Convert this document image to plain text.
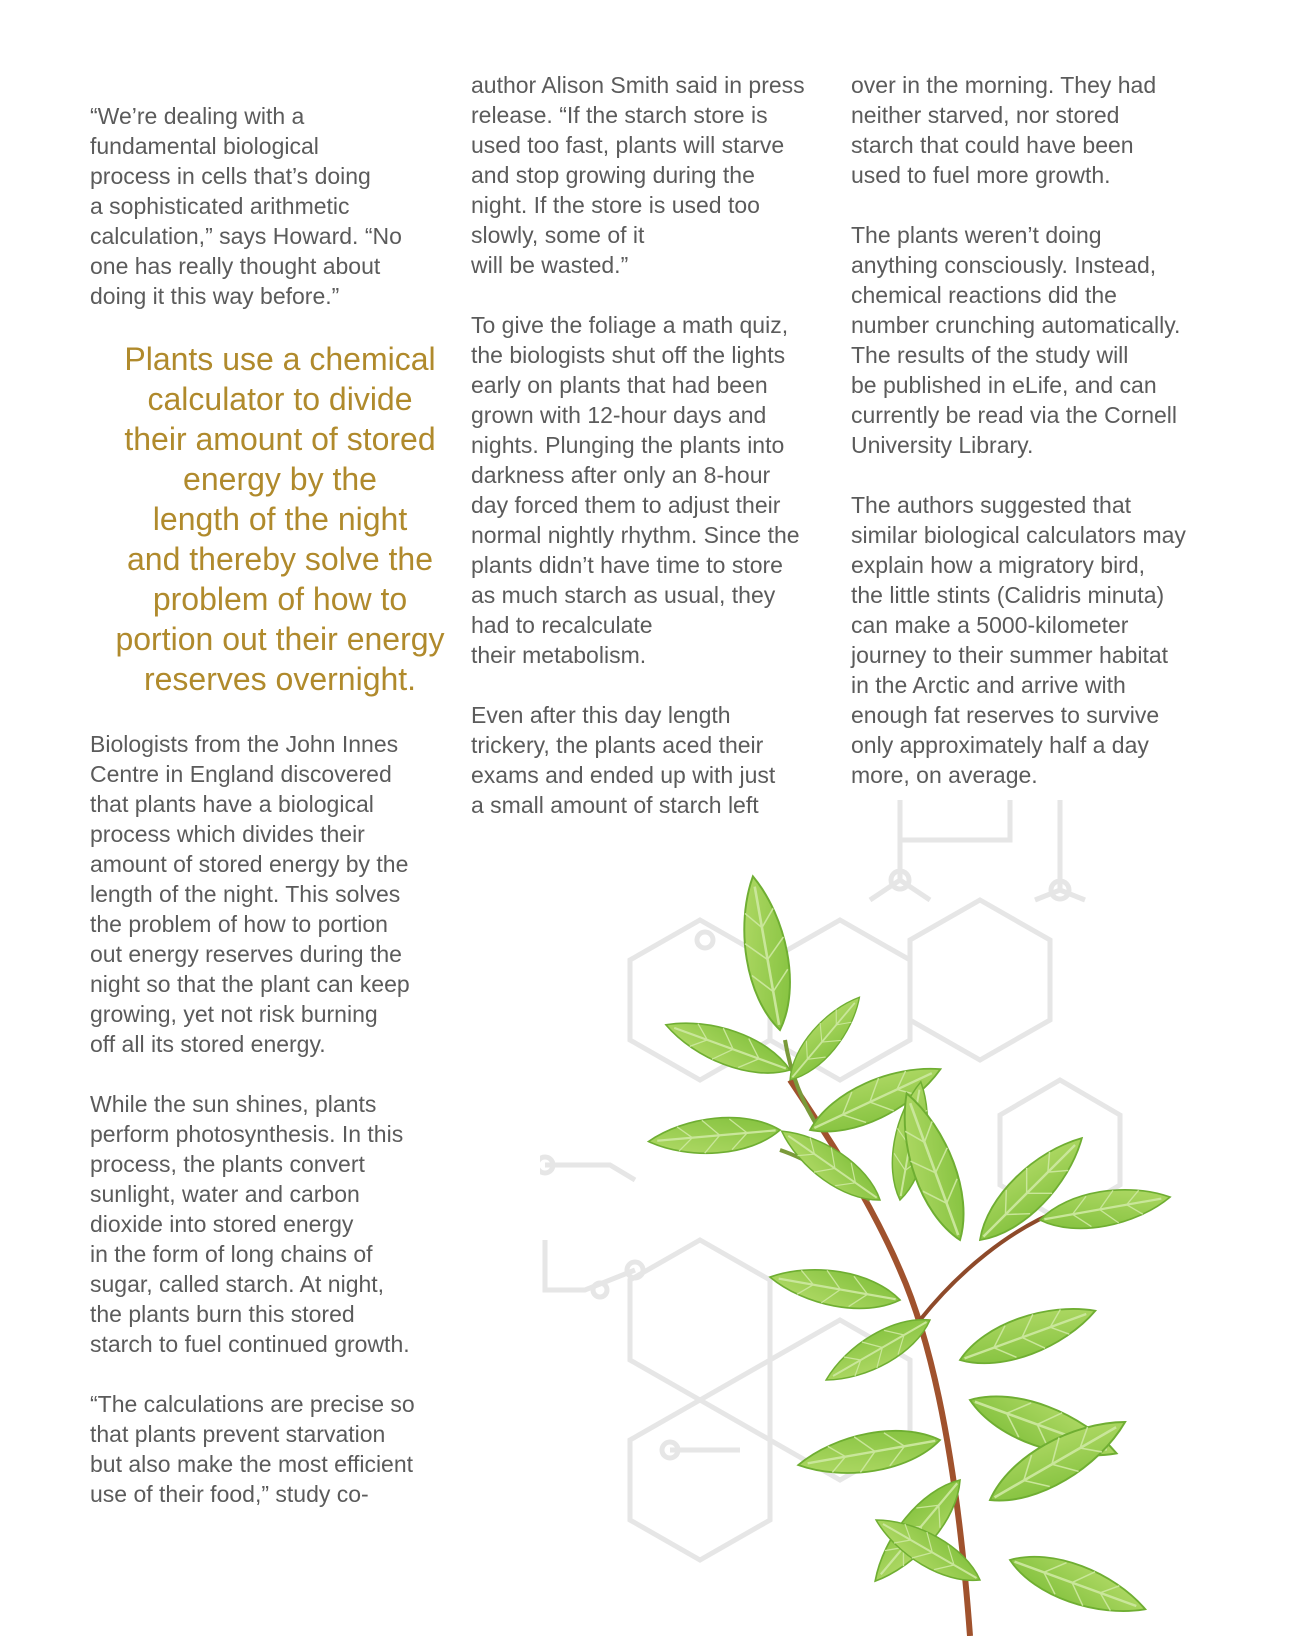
“We’re dealing with a
fundamental biological
process in cells that’s doing
a sophisticated arithmetic
calculation,” says Howard. “No
one has really thought about
doing it this way before.”

Plants use a chemical
calculator to divide
their amount of stored
energy by the
length of the night
and thereby solve the
problem of how to
portion out their energy
reserves overnight.

Biologists from the John Innes
Centre in England discovered
that plants have a biological
process which divides their
amount of stored energy by the
length of the night. This solves
the problem of how to portion
out energy reserves during the
night so that the plant can keep
growing, yet not risk burning
off all its stored energy.

While the sun shines, plants
perform photosynthesis. In this
process, the plants convert
sunlight, water and carbon
dioxide into stored energy
in the form of long chains of
sugar, called starch. At night,
the plants burn this stored
starch to fuel continued growth.

“The calculations are precise so
that plants prevent starvation
but also make the most efficient
use of their food,” study co-

author Alison Smith said in press
release. “If the starch store is
used too fast, plants will starve
and stop growing during the
night. If the store is used too
slowly, some of it
will be wasted.”

To give the foliage a math quiz,
the biologists shut off the lights
early on plants that had been
grown with 12-hour days and
nights. Plunging the plants into
darkness after only an 8-hour
day forced them to adjust their
normal nightly rhythm. Since the
plants didn’t have time to store
as much starch as usual, they
had to recalculate
their metabolism.

Even after this day length
trickery, the plants aced their
exams and ended up with just
a small amount of starch left

over in the morning. They had
neither starved, nor stored
starch that could have been
used to fuel more growth.

The plants weren’t doing
anything consciously. Instead,
chemical reactions did the
number crunching automatically.
The results of the study will
be published in eLife, and can
currently be read via the Cornell
University Library.

The authors suggested that
similar biological calculators may
explain how a migratory bird,
the little stints (Calidris minuta)
can make a 5000-kilometer
journey to their summer habitat
in the Arctic and arrive with
enough fat reserves to survive
only approximately half a day
more, on average.
